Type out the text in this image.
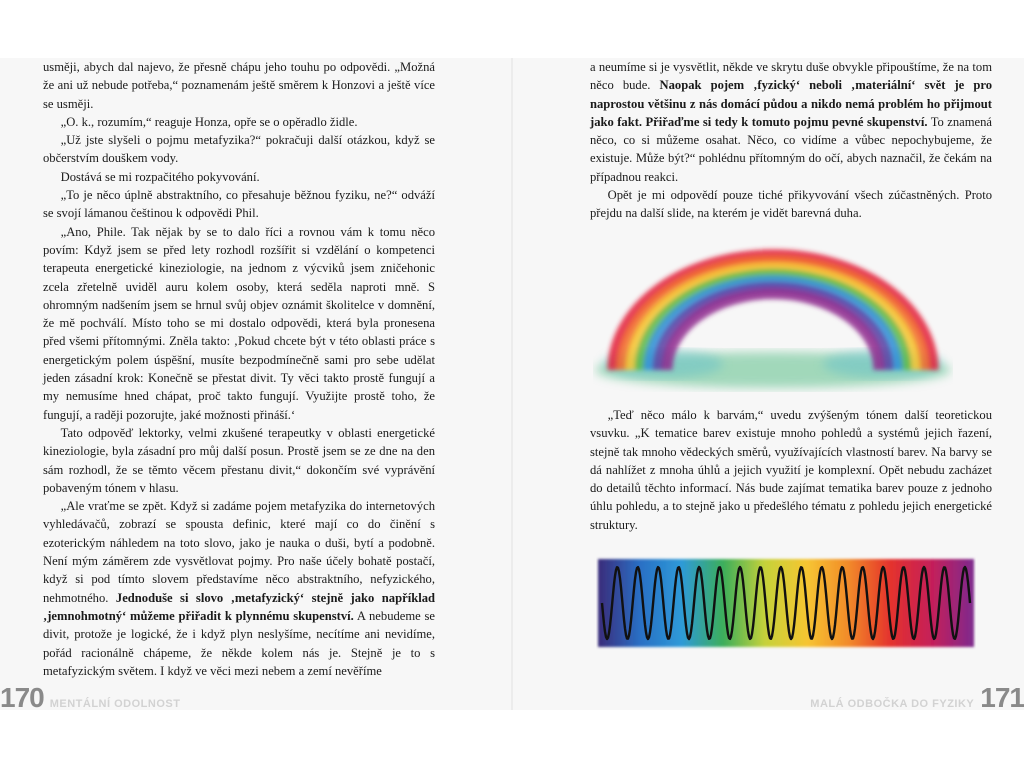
usměji, abych dal najevo, že přesně chápu jeho touhu po odpovědi. „Možná že ani už nebude potřeba,“ poznamenám ještě směrem k Honzovi a ještě více se usměji.

„O. k., rozumím,“ reaguje Honza, opře se o opěradlo židle.

„Už jste slyšeli o pojmu metafyzika?“ pokračuji další otázkou, když se občerstvím douškem vody.

Dostává se mi rozpačitého pokyvování.

„To je něco úplně abstraktního, co přesahuje běžnou fyziku, ne?“ odváží se svojí lámanou češtinou k odpovědi Phil.

„Ano, Phile. Tak nějak by se to dalo říci a rovnou vám k tomu něco povím: Když jsem se před lety rozhodl rozšířit si vzdělání o kompetenci terapeuta energetické kineziologie, na jednom z výcviků jsem zničehonic zcela zřetelně uviděl auru kolem osoby, která seděla naproti mně. S ohromným nadšením jsem se hrnul svůj objev oznámit školitelce v domnění, že mě pochválí. Místo toho se mi dostalo odpovědi, která byla pronesena před všemi přítomnými. Zněla takto: ‚Pokud chcete být v této oblasti práce s energetickým polem úspěšní, musíte bezpodmínečně sami pro sebe udělat jeden zásadní krok: Konečně se přestat divit. Ty věci takto prostě fungují a my nemusíme hned chápat, proč takto fungují. Využijte prostě toho, že fungují, a raději pozorujte, jaké možnosti přináší.‘

Tato odpověď lektorky, velmi zkušené terapeutky v oblasti energetické kineziologie, byla zásadní pro můj další posun. Prostě jsem se ze dne na den sám rozhodl, že se těmto věcem přestanu divit,“ dokončím své vyprávění pobaveným tónem v hlasu.

„Ale vraťme se zpět. Když si zadáme pojem metafyzika do internetových vyhledávačů, zobrazí se spousta definic, které mají co do činění s ezoterickým náhledem na toto slovo, jako je nauka o duši, bytí a podobně. Není mým záměrem zde vysvětlovat pojmy. Pro naše účely bohatě postačí, když si pod tímto slovem představíme něco abstraktního, nefyzického, nehmotného. Jednoduše si slovo ‚metafyzický‘ stejně jako například ‚jemnohmotný‘ můžeme přiřadit k plynnému skupenství. A nebudeme se divit, protože je logické, že i když plyn neslyšíme, necítíme ani nevidíme, pořád racionálně chápeme, že někde kolem nás je. Stejně je to s metafyzickým světem. I když ve věci mezi nebem a zemí nevěříme

170 MENTÁLNÍ ODOLNOST

a neumíme si je vysvětlit, někde ve skrytu duše obvykle připouštíme, že na tom něco bude. Naopak pojem ‚fyzický‘ neboli ‚materiální‘ svět je pro naprostou většinu z nás domácí půdou a nikdo nemá problém ho přijmout jako fakt. Přiřaďme si tedy k tomuto pojmu pevné skupenství. To znamená něco, co si můžeme osahat. Něco, co vidíme a vůbec nepochybujeme, že existuje. Může být?“ pohlédnu přítomným do očí, abych naznačil, že čekám na případnou reakci.

Opět je mi odpovědí pouze tiché přikyvování všech zúčastněných. Proto přejdu na další slide, na kterém je vidět barevná duha.

„Teď něco málo k barvám,“ uvedu zvýšeným tónem další teoretickou vsuvku. „K tematice barev existuje mnoho pohledů a systémů jejich řazení, stejně tak mnoho vědeckých směrů, využívajících vlastností barev. Na barvy se dá nahlížet z mnoha úhlů a jejich využití je komplexní. Opět nebudu zacházet do detailů těchto informací. Nás bude zajímat tematika barev pouze z jednoho úhlu pohledu, a to stejně jako u předešlého tématu z pohledu jejich energetické struktury.

MALÁ ODBOČKA DO FYZIKY 171
